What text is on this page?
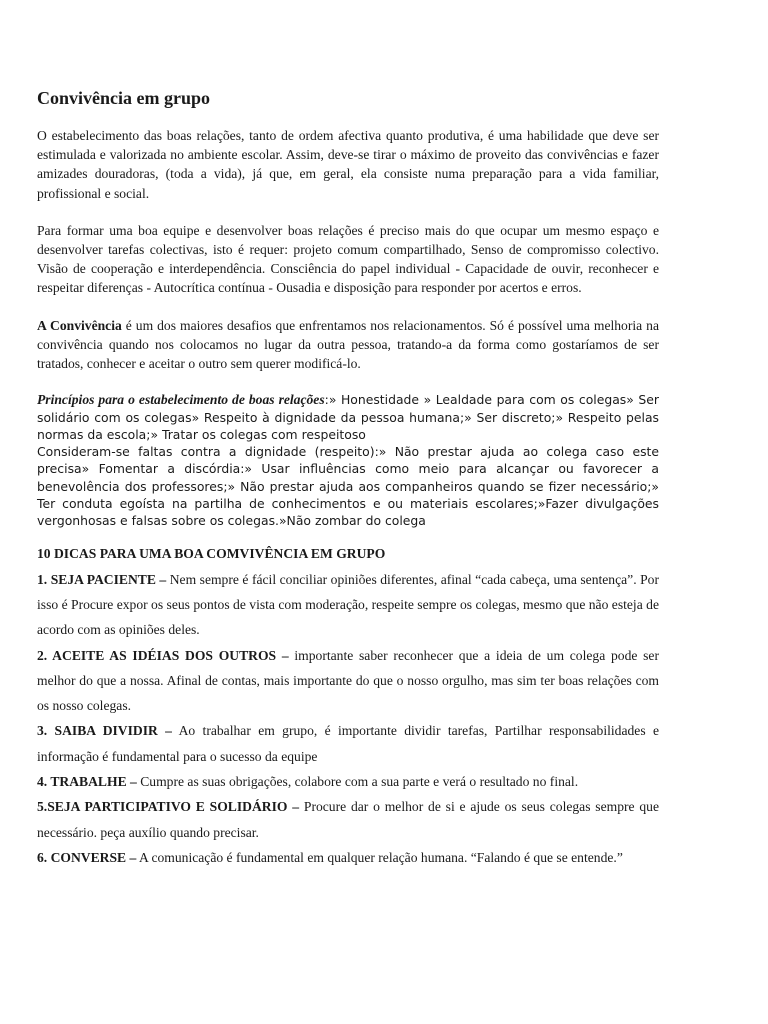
Convivência em grupo

O estabelecimento das boas relações, tanto de ordem afectiva quanto produtiva, é uma habilidade que deve ser estimulada e valorizada no ambiente escolar. Assim, deve-se tirar o máximo de proveito das convivências e fazer amizades douradoras, (toda a vida), já que, em geral, ela consiste numa preparação para a vida familiar, profissional e social.

Para formar uma boa equipe e desenvolver boas relações é preciso mais do que ocupar um mesmo espaço e desenvolver tarefas colectivas, isto é requer: projeto comum compartilhado, Senso de compromisso colectivo. Visão de cooperação e interdependência. Consciência do papel individual - Capacidade de ouvir, reconhecer e respeitar diferenças - Autocrítica contínua - Ousadia e disposição para responder por acertos e erros.

A Convivência é um dos maiores desafios que enfrentamos nos relacionamentos. Só é possível uma melhoria na convivência quando nos colocamos no lugar da outra pessoa, tratando-a da forma como gostaríamos de ser tratados, conhecer e aceitar o outro sem querer modificá-lo.

Princípios para o estabelecimento de boas relações:» Honestidade » Lealdade para com os colegas» Ser solidário com os colegas» Respeito à dignidade da pessoa humana;» Ser discreto;» Respeito pelas normas da escola;» Tratar os colegas com respeitoso
Consideram-se faltas contra a dignidade (respeito):» Não prestar ajuda ao colega caso este precisa» Fomentar a discórdia:» Usar influências como meio para alcançar ou favorecer a benevolência dos professores;» Não prestar ajuda aos companheiros quando se fizer necessário;» Ter conduta egoísta na partilha de conhecimentos e ou materiais escolares;»Fazer divulgações vergonhosas e falsas sobre os colegas.»Não zombar do colega

10 DICAS PARA UMA BOA COMVIVÊNCIA EM GRUPO

1. SEJA PACIENTE – Nem sempre é fácil conciliar opiniões diferentes, afinal “cada cabeça, uma sentença”. Por isso é Procure expor os seus pontos de vista com moderação, respeite sempre os colegas, mesmo que não esteja de acordo com as opiniões deles.

2. ACEITE AS IDÉIAS DOS OUTROS – importante saber reconhecer que a ideia de um colega pode ser melhor do que a nossa. Afinal de contas, mais importante do que o nosso orgulho, mas sim ter boas relações com os nosso colegas.

3. SAIBA DIVIDIR – Ao trabalhar em grupo, é importante dividir tarefas, Partilhar responsabilidades e informação é fundamental para o sucesso da equipe

4. TRABALHE – Cumpre as suas obrigações, colabore com a sua parte e verá o resultado no final.

5.SEJA PARTICIPATIVO E SOLIDÁRIO – Procure dar o melhor de si e ajude os seus colegas sempre que necessário. peça auxílio quando precisar.

6. CONVERSE – A comunicação é fundamental em qualquer relação humana. “Falando é que se entende.”
